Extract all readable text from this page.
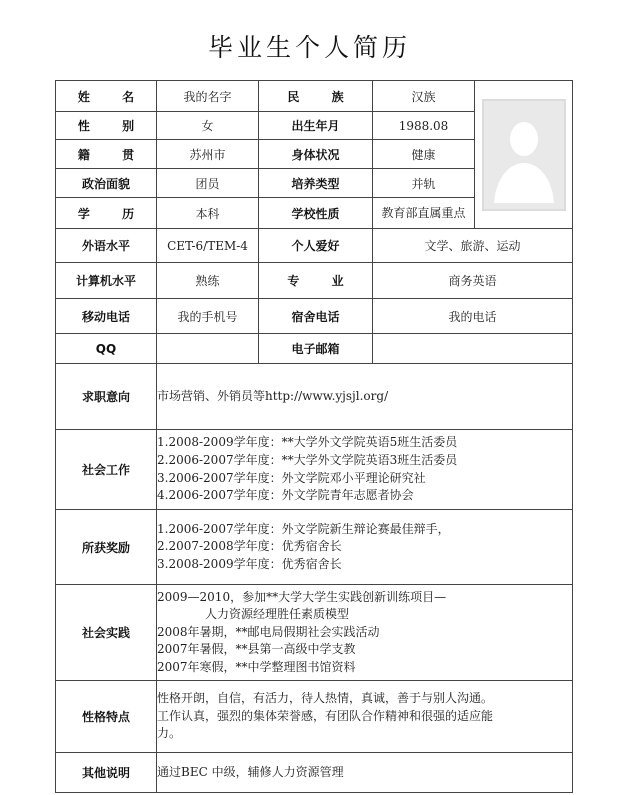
毕业生个人简历
姓 名	我的名字	民 族	汉族	

性 别	女	出生年月	1988.08	
籍 贯	苏州市	身体状况	健康	
政治面貌	团员	培养类型	并轨	
学 历	本科	学校性质	教育部直属重点	

外语水平	CET-6/TEM-4	个人爱好	文学、旅游、运动	
计算机水平	熟练	专 业	商务英语	
移动电话	我的手机号	宿舍电话	我的电话	
QQ		电子邮箱		
求职意向	市场营销、外销员等http://www.yjsjl.org/			
社会工作	1.2008-2009学年度：**大学外文学院英语5班生活委员
2.2006-2007学年度：**大学外文学院英语3班生活委员
3.2006-2007学年度：外文学院邓小平理论研究社
4.2006-2007学年度：外文学院青年志愿者协会			

所获奖励	1.2006-2007学年度：外文学院新生辩论赛最佳辩手，
2.2007-2008学年度：优秀宿舍长
3.2008-2009学年度：优秀宿舍长			

社会实践	2009—2010，参加**大学大学生实践创新训练项目—
人力资源经理胜任素质模型
2008年暑期，**邮电局假期社会实践活动
2007年暑假，**县第一高级中学支教
2007年寒假，**中学整理图书馆资料			

性格特点	性格开朗，自信，有活力，待人热情，真诚，善于与别人沟通。
工作认真，强烈的集体荣誉感，有团队合作精神和很强的适应能
力。			

其他说明	通过BEC 中级，辅修人力资源管理			
